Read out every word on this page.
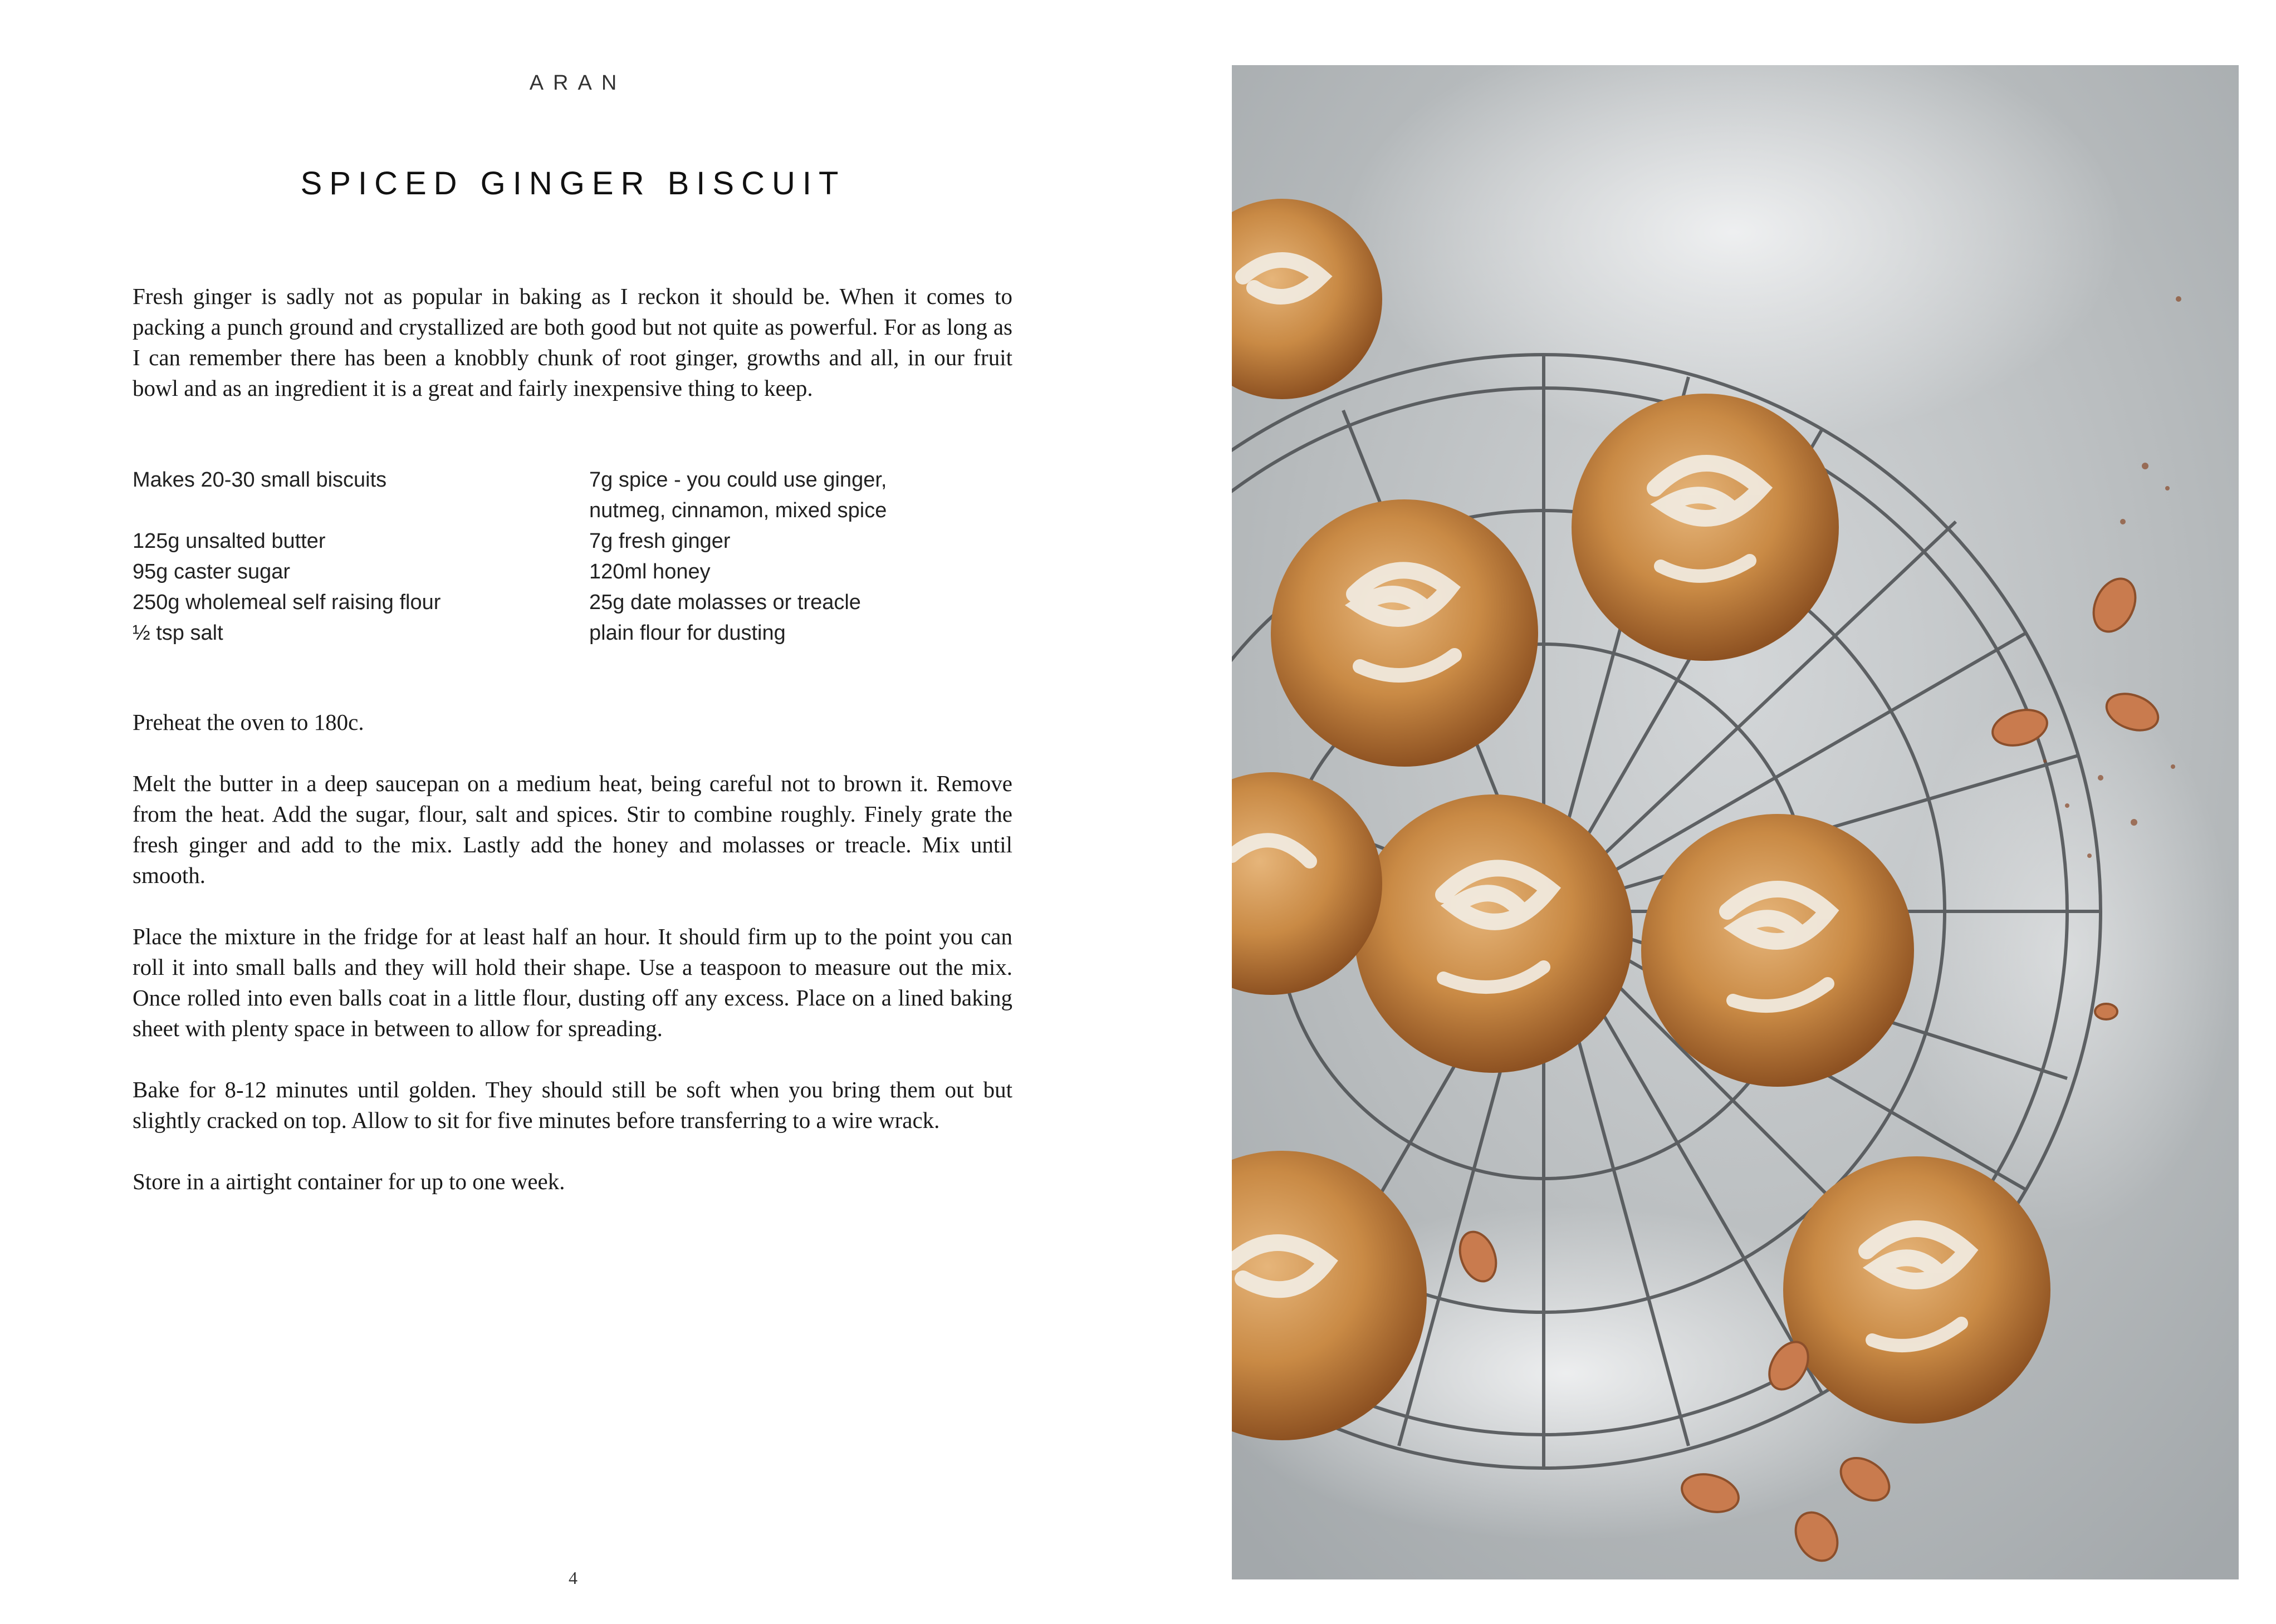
ARAN
SPICED GINGER BISCUIT

Fresh ginger is sadly not as popular in baking as I reckon it should be. When it comes to packing a punch ground and crystallized are both good but not quite as powerful. For as long as I can remember there has been a knobbly chunk of root ginger, growths and all, in our fruit bowl and as an ingredient it is a great and fairly inexpensive thing to keep.

Makes 20-30 small biscuits
125g unsalted butter
95g caster sugar
250g wholemeal self raising flour
½ tsp salt
7g spice - you could use ginger,
nutmeg, cinnamon, mixed spice
7g fresh ginger
120ml honey
25g date molasses or treacle
plain flour for dusting

Preheat the oven to 180c.

Melt the butter in a deep saucepan on a medium heat, being careful not to brown it. Remove from the heat. Add the sugar, flour, salt and spices. Stir to combine roughly. Finely grate the fresh ginger and add to the mix. Lastly add the honey and molasses or treacle. Mix until smooth.

Place the mixture in the fridge for at least half an hour. It should firm up to the point you can roll it into small balls and they will hold their shape. Use a teaspoon to measure out the mix. Once rolled into even balls coat in a little flour, dusting off any excess. Place on a lined baking sheet with plenty space in between to allow for spreading.

Bake for 8-12 minutes until golden. They should still be soft when you bring them out but slightly cracked on top. Allow to sit for five minutes before transferring to a wire wrack.

Store in a airtight container for up to one week.

4
